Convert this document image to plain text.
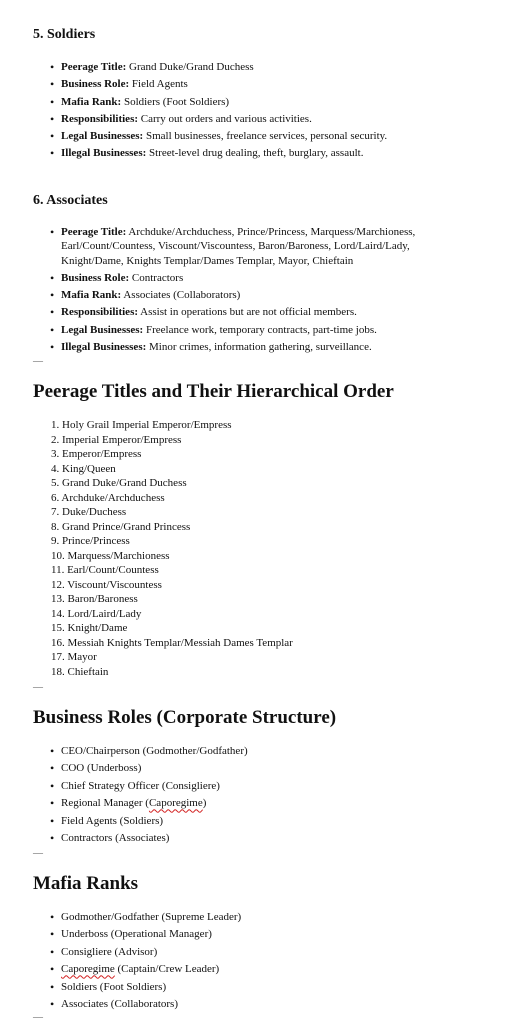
5. Soldiers
• Peerage Title: Grand Duke/Grand Duchess
• Business Role: Field Agents
• Mafia Rank: Soldiers (Foot Soldiers)
• Responsibilities: Carry out orders and various activities.
• Legal Businesses: Small businesses, freelance services, personal security.
• Illegal Businesses: Street-level drug dealing, theft, burglary, assault.
6. Associates
• Peerage Title: Archduke/Archduchess, Prince/Princess, Marquess/Marchioness, Earl/Count/Countess, Viscount/Viscountess, Baron/Baroness, Lord/Laird/Lady, Knight/Dame, Knights Templar/Dames Templar, Mayor, Chieftain
• Business Role: Contractors
• Mafia Rank: Associates (Collaborators)
• Responsibilities: Assist in operations but are not official members.
• Legal Businesses: Freelance work, temporary contracts, part-time jobs.
• Illegal Businesses: Minor crimes, information gathering, surveillance.
—
Peerage Titles and Their Hierarchical Order
1. Holy Grail Imperial Emperor/Empress
2. Imperial Emperor/Empress
3. Emperor/Empress
4. King/Queen
5. Grand Duke/Grand Duchess
6. Archduke/Archduchess
7. Duke/Duchess
8. Grand Prince/Grand Princess
9. Prince/Princess
10. Marquess/Marchioness
11. Earl/Count/Countess
12. Viscount/Viscountess
13. Baron/Baroness
14. Lord/Laird/Lady
15. Knight/Dame
16. Messiah Knights Templar/Messiah Dames Templar
17. Mayor
18. Chieftain
—
Business Roles (Corporate Structure)
• CEO/Chairperson (Godmother/Godfather)
• COO (Underboss)
• Chief Strategy Officer (Consigliere)
• Regional Manager (Caporegime)
• Field Agents (Soldiers)
• Contractors (Associates)
—
Mafia Ranks
• Godmother/Godfather (Supreme Leader)
• Underboss (Operational Manager)
• Consigliere (Advisor)
• Caporegime (Captain/Crew Leader)
• Soldiers (Foot Soldiers)
• Associates (Collaborators)
—
